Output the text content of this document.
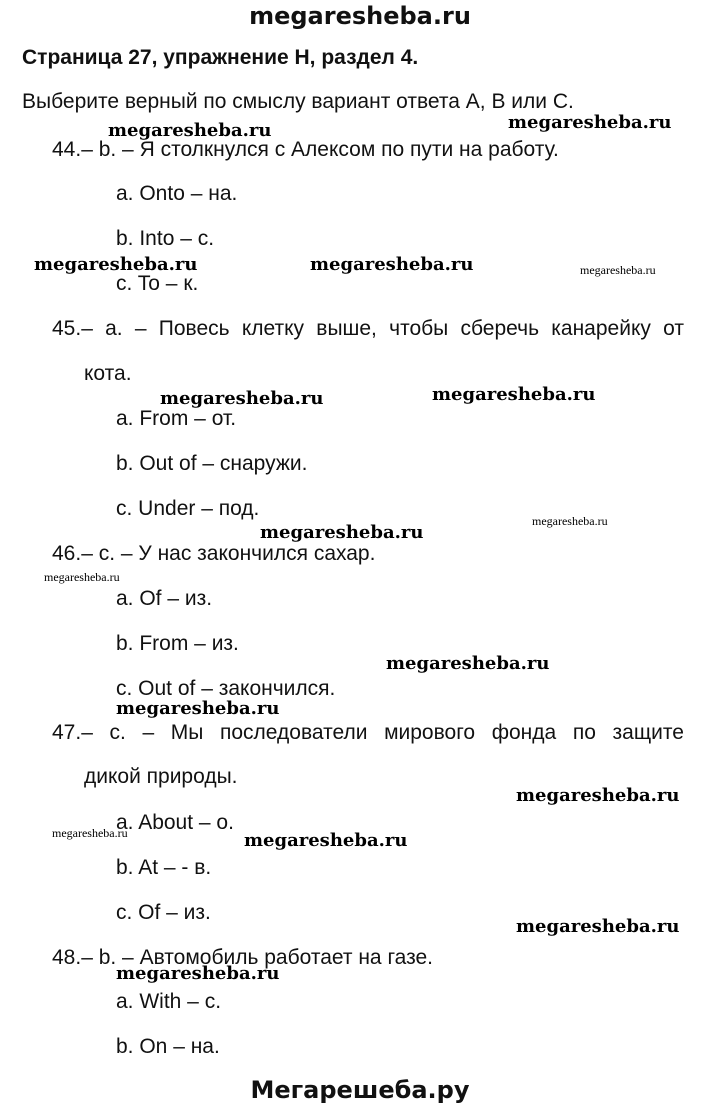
megaresheba.ru
Страница 27, упражнение H, раздел 4.
Выберите верный по смыслу вариант ответа A, B или C.
44.– b. – Я столкнулся с Алексом по пути на работу.
a. Onto – на.
b. Into – с.
c. To – к.
45.– a. – Повесь клетку выше, чтобы сберечь канарейку от
кота.
a. From – от.
b. Out of – снаружи.
c. Under – под.
46.– c. – У нас закончился сахар.
a. Of – из.
b. From – из.
c. Out of – закончился.
47.– c. – Мы последователи мирового фонда по защите
дикой природы.
a. About – о.
b. At – - в.
c. Of – из.
48.– b. – Автомобиль работает на газе.
a. With – с.
b. On – на.
megaresheba.ru	megaresheba.ru
megaresheba.ru	megaresheba.ru	megaresheba.ru
megaresheba.ru	megaresheba.ru
megaresheba.ru
megaresheba.ru
megaresheba.ru
megaresheba.ru
megaresheba.ru
megaresheba.ru
megaresheba.ru	megaresheba.ru
megaresheba.ru
megaresheba.ru
Мегарешеба.ру
